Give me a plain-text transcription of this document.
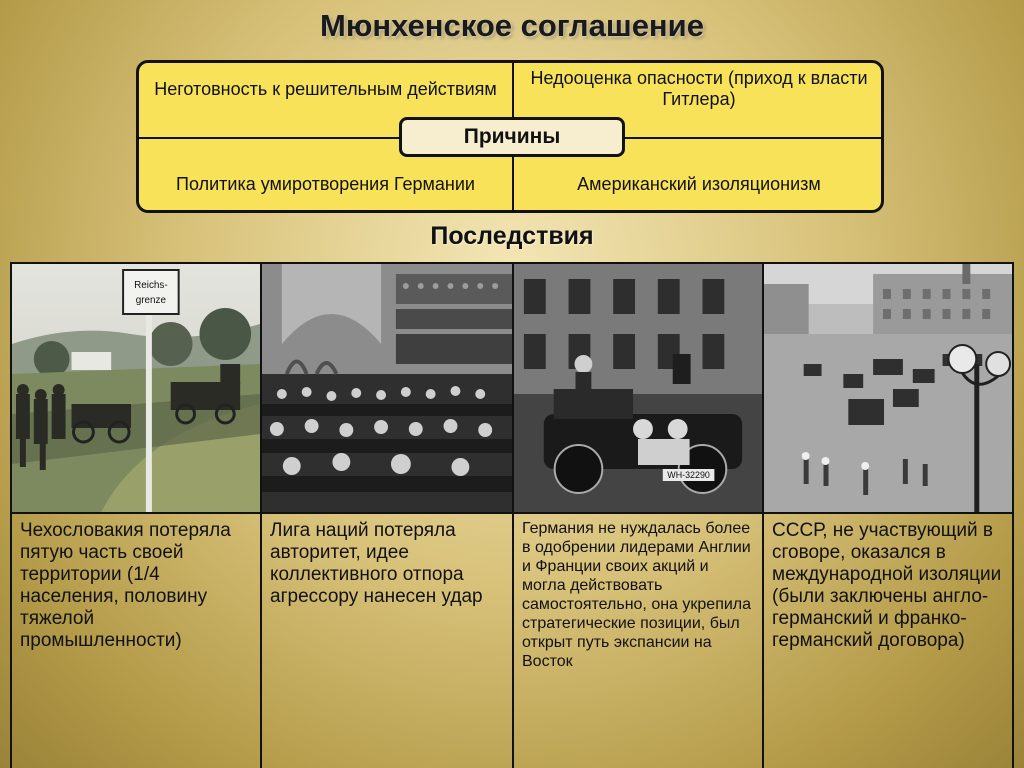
Мюнхенское соглашение
Неготовность к решительным действиям
Недооценка опасности (приход к власти Гитлера)
Политика умиротворения Германии	Американский изоляционизм
Причины
Последствия
Reichs-
grenze
Чехословакия потеряла пятую часть своей территории (1/4 населения, половину тяжелой промышленности)
Лига наций потеряла авторитет, идее коллективного отпора агрессору нанесен удар
WH-32290
Германия не нуждалась более в одобрении лидерами Англии и Франции своих акций и могла действовать самостоятельно, она укрепила стратегические позиции, был открыт путь экспансии на Восток
СССР, не участвующий в сговоре, оказался в международной изоляции (были заключены англо-германский и франко-германский договора)
